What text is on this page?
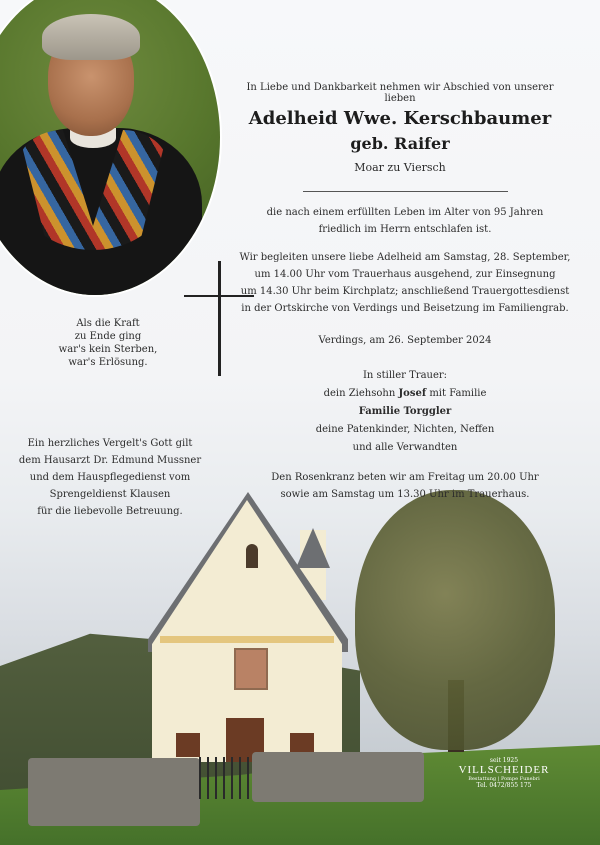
In Liebe und Dankbarkeit nehmen wir Abschied von unserer lieben
Adelheid Wwe. Kerschbaumer
geb. Raifer
Moar zu Viersch
die nach einem erfüllten Leben im Alter von 95 Jahren
friedlich im Herrn entschlafen ist.
Wir begleiten unsere liebe Adelheid am Samstag, 28. September,
um 14.00 Uhr vom Trauerhaus ausgehend, zur Einsegnung
um 14.30 Uhr beim Kirchplatz; anschließend Trauergottesdienst
in der Ortskirche von Verdings und Beisetzung im Familiengrab.
Verdings, am 26. September 2024
In stiller Trauer:
dein Ziehsohn Josef mit Familie
Familie Torggler
deine Patenkinder, Nichten, Neffen
und alle Verwandten
Den Rosenkranz beten wir am Freitag um 20.00 Uhr
sowie am Samstag um 13.30 Uhr im Trauerhaus.
Als die Kraft
zu Ende ging
war's kein Sterben,
war's Erlösung.
Ein herzliches Vergelt's Gott gilt
dem Hausarzt Dr. Edmund Mussner
und dem Hauspflegedienst vom
Sprengeldienst Klausen
für die liebevolle Betreuung.
seit 1925
VILLSCHEIDER
Bestattung | Pompe Funebri
Tel. 0472/855 175
